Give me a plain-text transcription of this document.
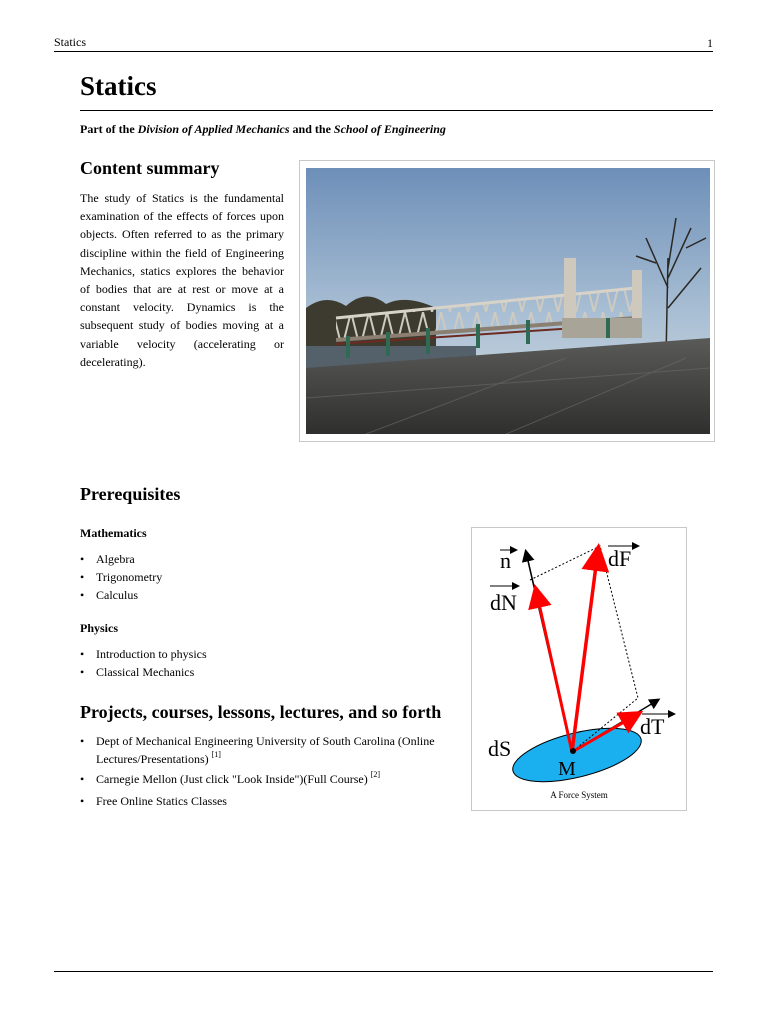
Statics	1
Statics
Part of the Division of Applied Mechanics and the School of Engineering
Content summary

The study of Statics is the fundamental examination of the effects of forces upon objects. Often referred to as the primary discipline within the field of Engineering Mechanics, statics explores the behavior of bodies that are at rest or move at a constant velocity. Dynamics is the subsequent study of bodies moving at a variable velocity (accelerating or decelerating).

Prerequisites
Mathematics
• Algebra
• Trigonometry
• Calculus
Physics
• Introduction to physics
• Classical Mechanics
Projects, courses, lessons, lectures, and so forth
• Dept of Mechanical Engineering University of South Carolina (Online Lectures/Presentations) [1]
• Carnegie Mellon (Just click "Look Inside")(Full Course) [2]
• Free Online Statics Classes
n	dF
dN
dT
dS
M
A Force System
